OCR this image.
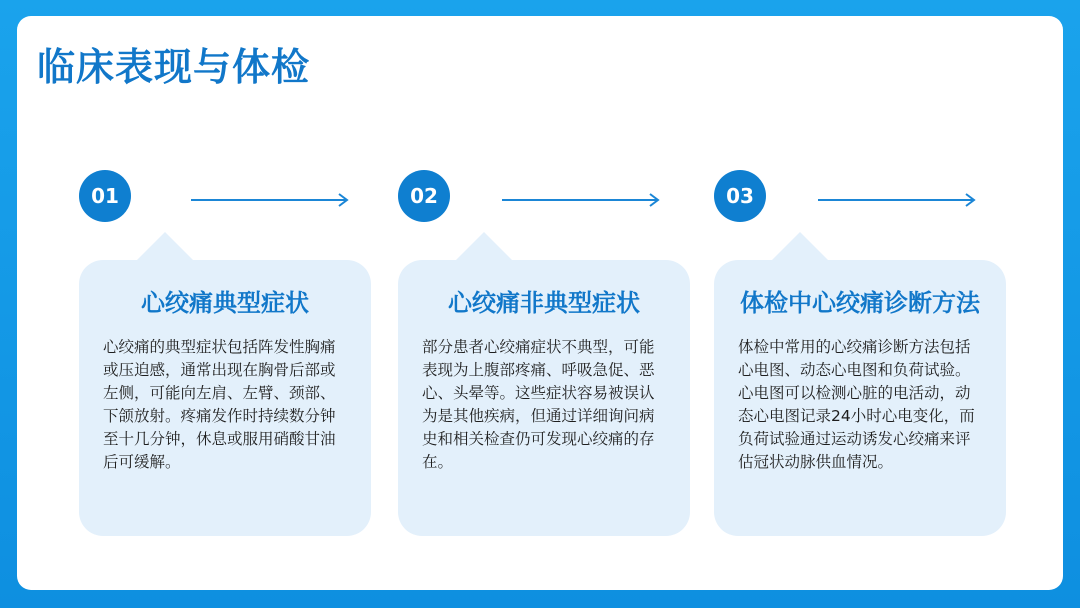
临床表现与体检
01
心绞痛典型症状
心绞痛的典型症状包括阵发性胸痛或压迫感，通常出现在胸骨后部或左侧，可能向左肩、左臂、颈部、下颌放射。疼痛发作时持续数分钟至十几分钟，休息或服用硝酸甘油后可缓解。
02
心绞痛非典型症状
部分患者心绞痛症状不典型，可能表现为上腹部疼痛、呼吸急促、恶心、头晕等。这些症状容易被误认为是其他疾病，但通过详细询问病史和相关检查仍可发现心绞痛的存在。
03
体检中心绞痛诊断方法
体检中常用的心绞痛诊断方法包括心电图、动态心电图和负荷试验。心电图可以检测心脏的电活动，动态心电图记录24小时心电变化，而负荷试验通过运动诱发心绞痛来评估冠状动脉供血情况。
